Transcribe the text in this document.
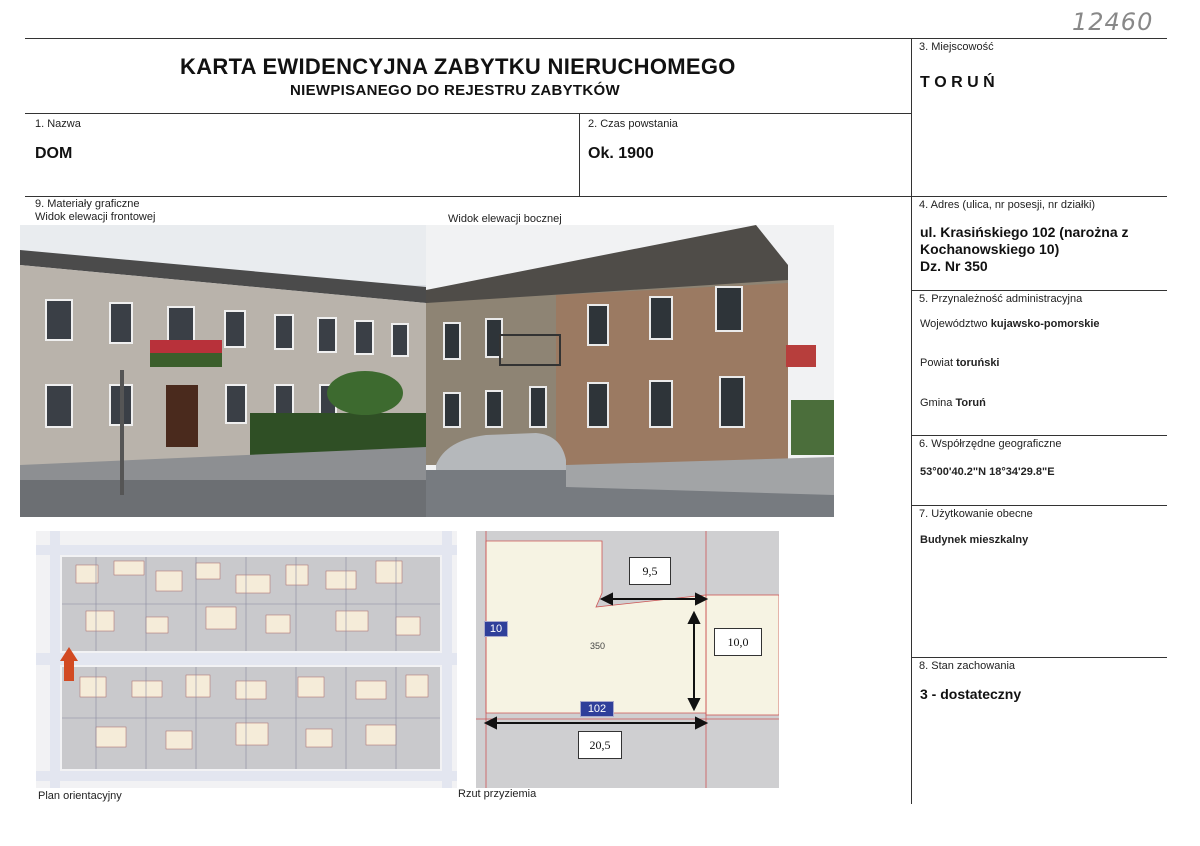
12460
KARTA EWIDENCYJNA ZABYTKU NIERUCHOMEGO
NIEWPISANEGO DO REJESTRU ZABYTKÓW
1. Nazwa
DOM
2. Czas powstania
Ok. 1900
3. Miejscowość
T O R U Ń
4. Adres (ulica, nr posesji, nr działki)
ul. Krasińskiego 102 (narożna z
Kochanowskiego 10)
Dz. Nr 350
5. Przynależność administracyjna
Województwo kujawsko-pomorskie
Powiat toruński
Gmina Toruń
6. Współrzędne geograficzne
53°00'40.2"N 18°34'29.8"E
7. Użytkowanie obecne
Budynek mieszkalny
8. Stan zachowania
3 - dostateczny
9. Materiały graficzne
Widok elewacji frontowej	Widok elewacji bocznej
Plan orientacyjny
9,5
10,0
20,5
350
10
102
Rzut przyziemia
